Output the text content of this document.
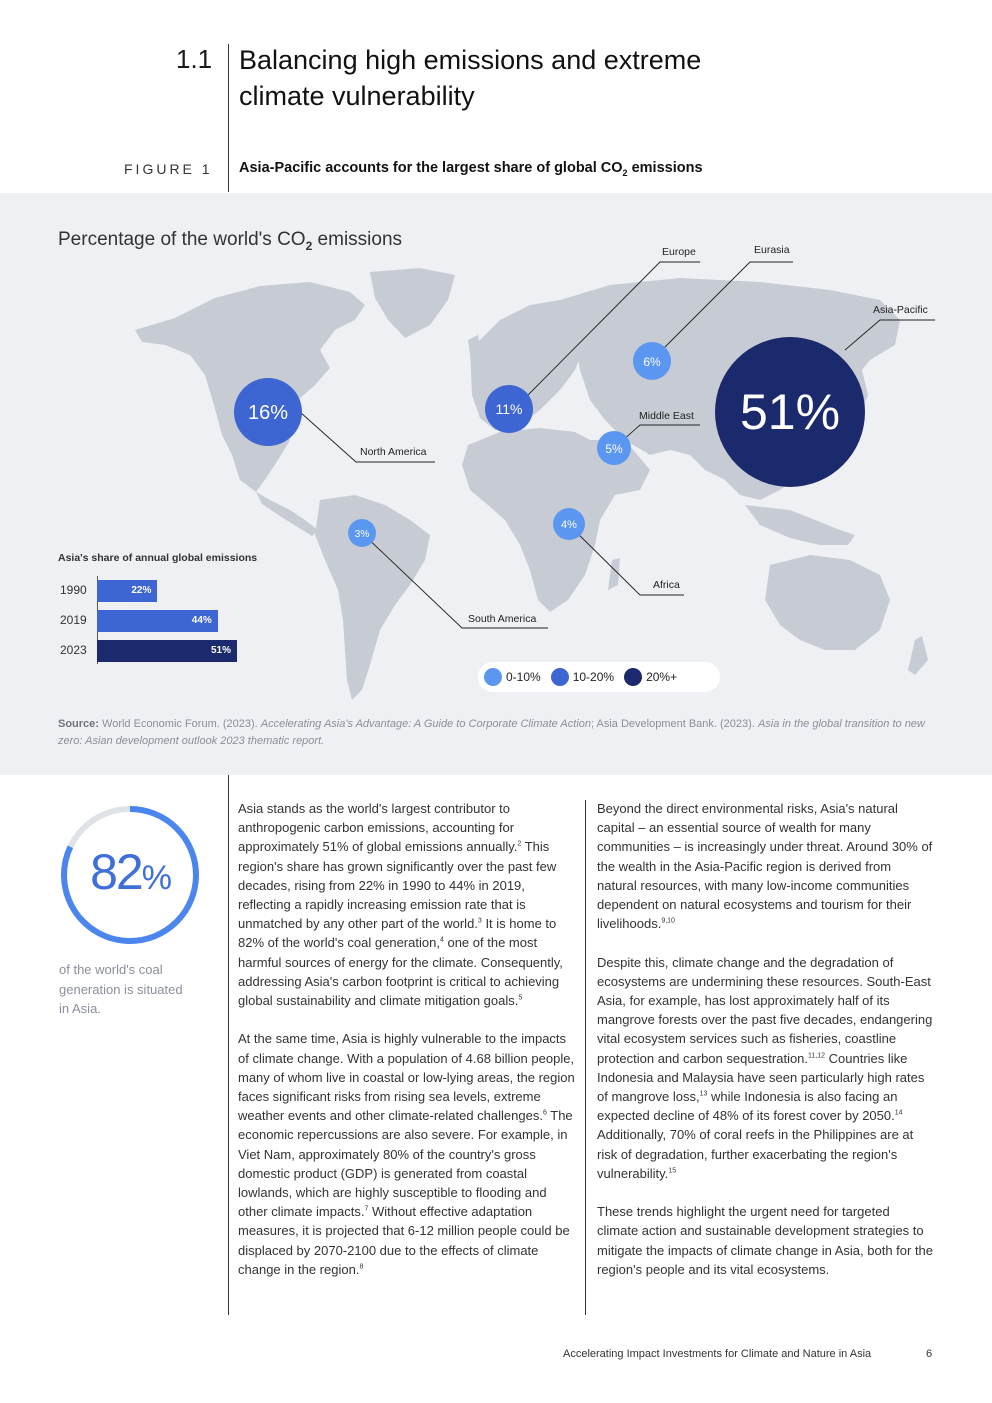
1.1 Balancing high emissions and extreme climate vulnerability
FIGURE 1 Asia-Pacific accounts for the largest share of global $CO_2$ emissions
Percentage of the world's $CO_2$ emissions
North America
Europe	Eurasia
Middle East
Asia-Pacific
Africa
South America
16%	11%
6%
5%
51%
4%
3%
Asia's share of annual global emissions
1990	22%
2019	44%
2023	51%
0-10%	10-20%	20%+
Source: World Economic Forum. (2023). Accelerating Asia's Advantage: A Guide to Corporate Climate Action; Asia Development Bank. (2023). Asia in the global transition to new zero: Asian development outlook 2023 thematic report.
82%
of the world's coal generation is situated in Asia.

Asia stands as the world's largest contributor to anthropogenic carbon emissions, accounting for approximately 51% of global emissions annually.$^2$ This region's share has grown significantly over the past few decades, rising from 22% in 1990 to 44% in 2019, reflecting a rapidly increasing emission rate that is unmatched by any other part of the world.$^3$ It is home to 82% of the world's coal generation,$^4$ one of the most harmful sources of energy for the climate. Consequently, addressing Asia's carbon footprint is critical to achieving global sustainability and climate mitigation goals.$^5$

At the same time, Asia is highly vulnerable to the impacts of climate change. With a population of 4.68 billion people, many of whom live in coastal or low-lying areas, the region faces significant risks from rising sea levels, extreme weather events and other climate-related challenges.$^6$ The economic repercussions are also severe. For example, in Viet Nam, approximately 80% of the country's gross domestic product (GDP) is generated from coastal lowlands, which are highly susceptible to flooding and other climate impacts.$^7$ Without effective adaptation measures, it is projected that 6-12 million people could be displaced by 2070-2100 due to the effects of climate change in the region.$^8$

Beyond the direct environmental risks, Asia's natural capital – an essential source of wealth for many communities – is increasingly under threat. Around 30% of the wealth in the Asia-Pacific region is derived from natural resources, with many low-income communities dependent on natural ecosystems and tourism for their livelihoods.$^{9,10}$

Despite this, climate change and the degradation of ecosystems are undermining these resources. South-East Asia, for example, has lost approximately half of its mangrove forests over the past five decades, endangering vital ecosystem services such as fisheries, coastline protection and carbon sequestration.$^{11,12}$ Countries like Indonesia and Malaysia have seen particularly high rates of mangrove loss,$^{13}$ while Indonesia is also facing an expected decline of 48% of its forest cover by 2050.14 Additionally, 70% of coral reefs in the Philippines are at risk of degradation, further exacerbating the region's vulnerability.$^{15}$

These trends highlight the urgent need for targeted climate action and sustainable development strategies to mitigate the impacts of climate change in Asia, both for the region's people and its vital ecosystems.

Accelerating Impact Investments for Climate and Nature in Asia	6
